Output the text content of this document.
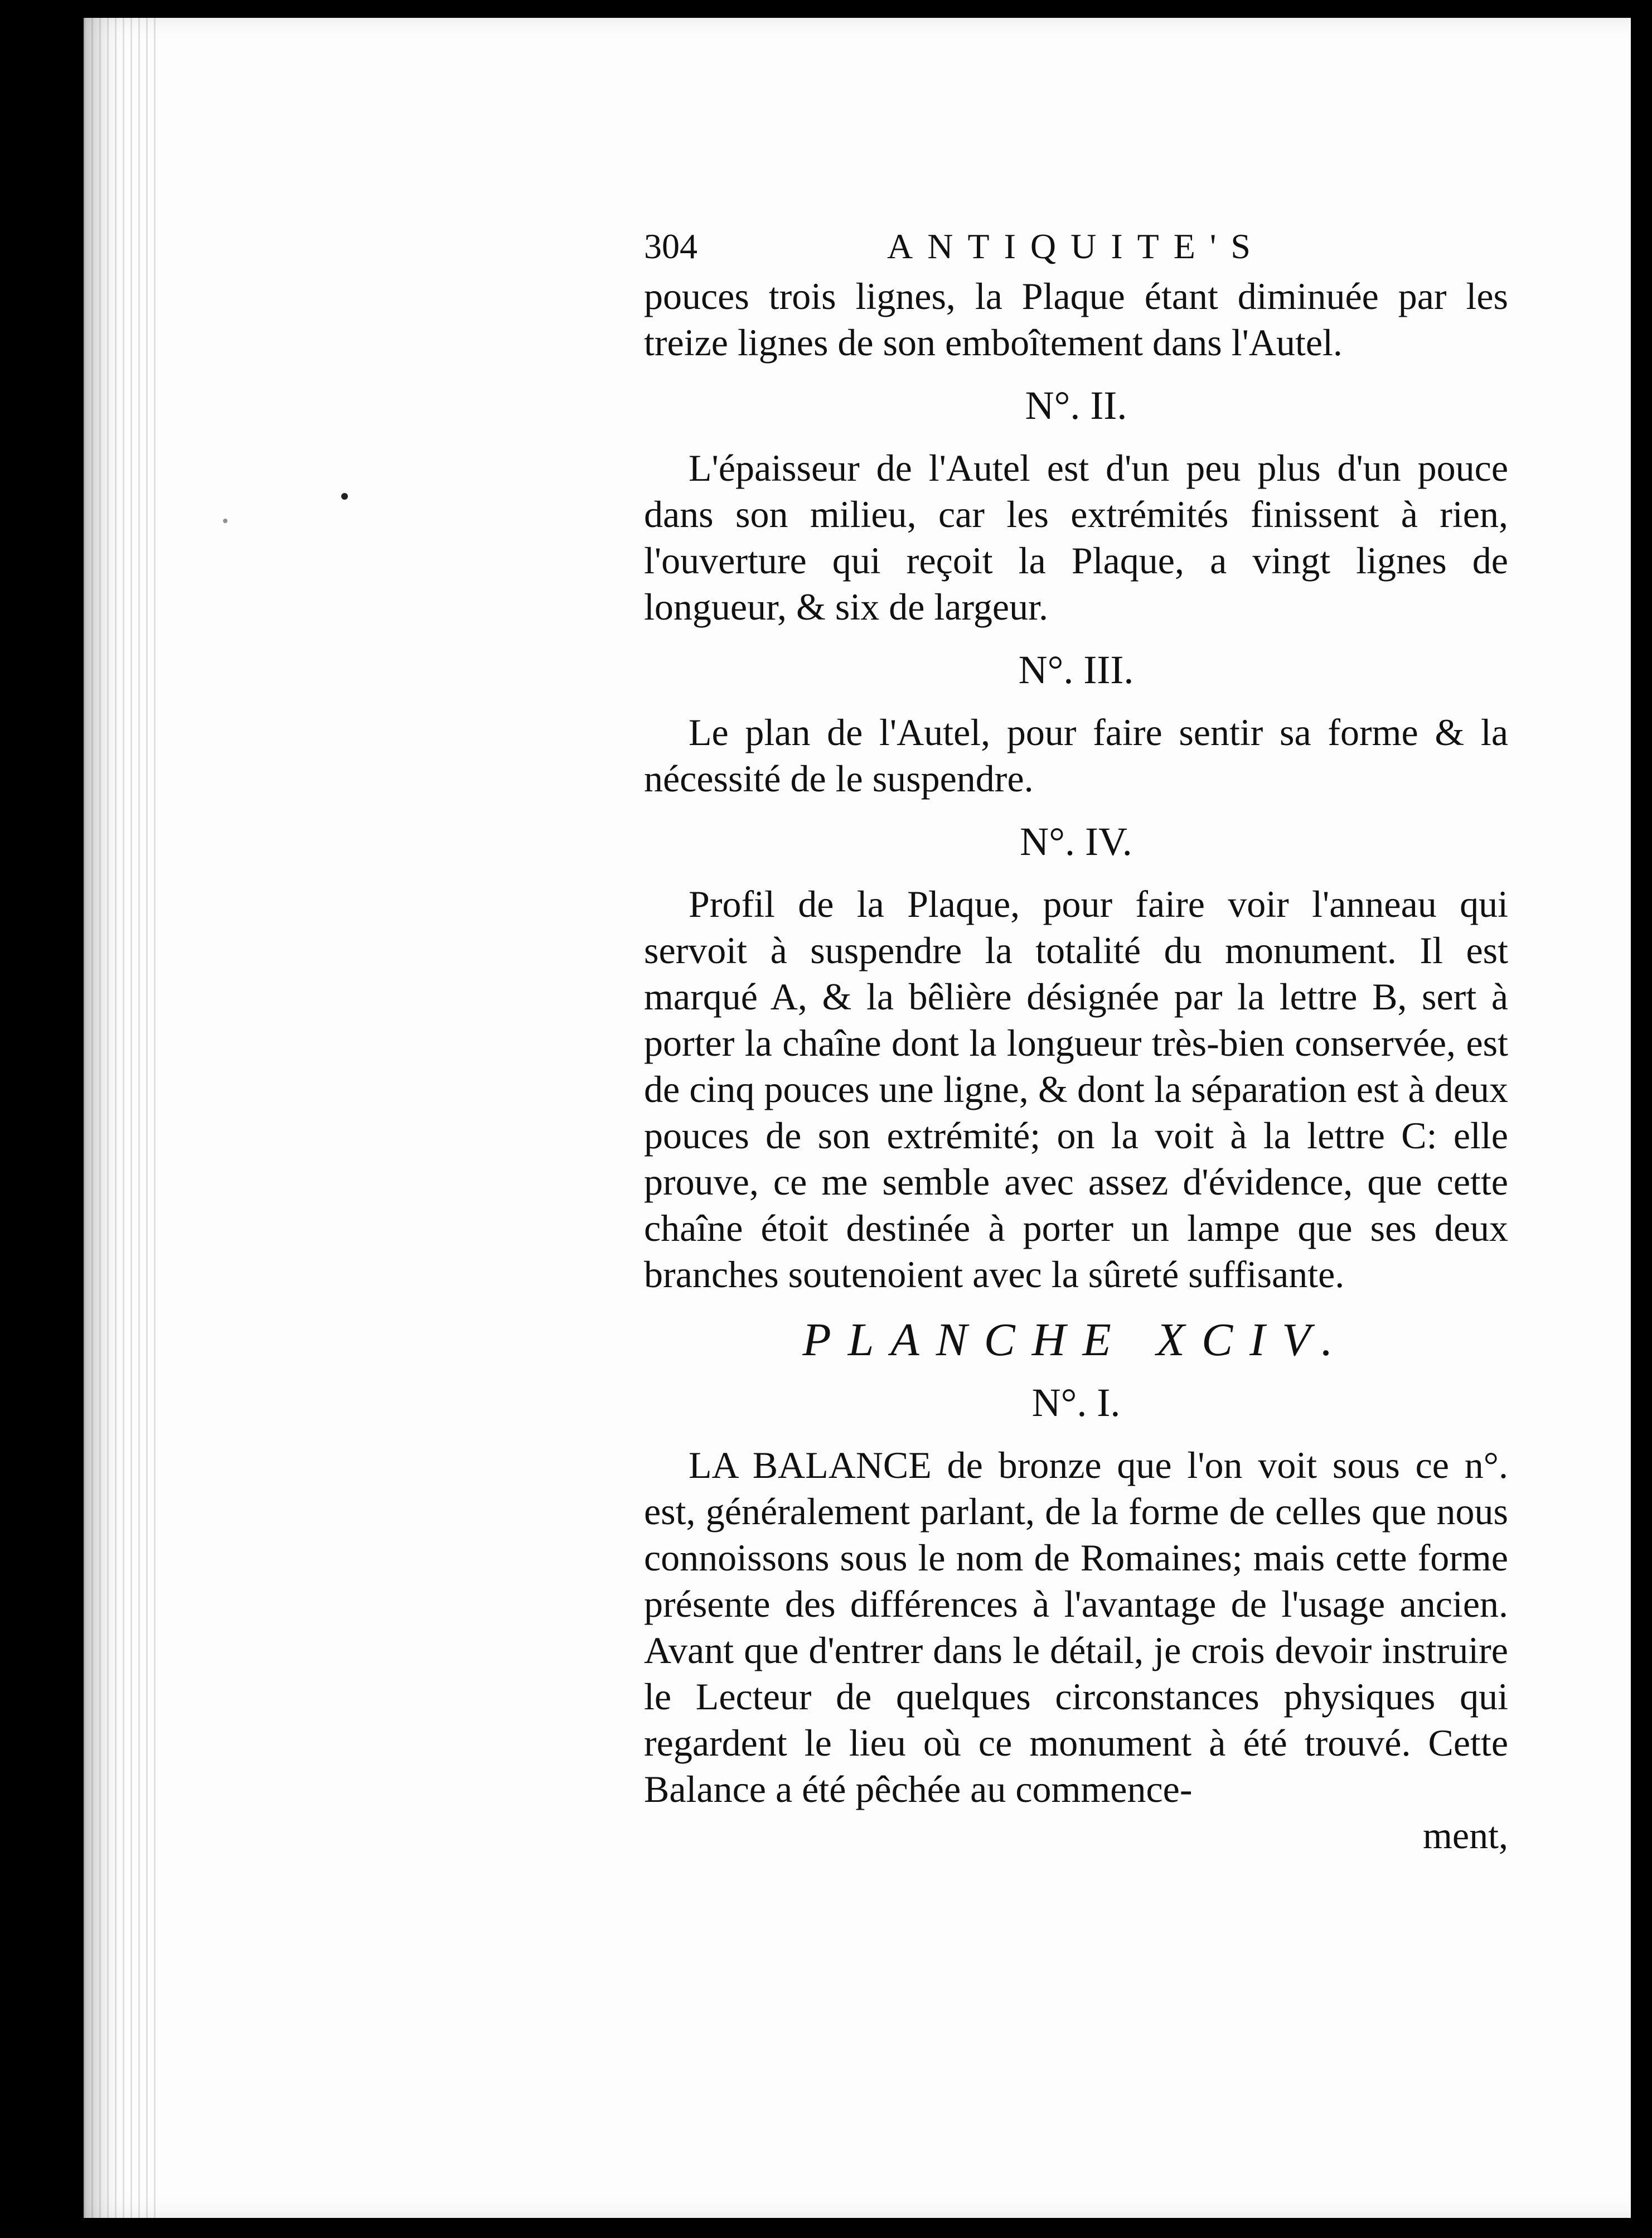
304	ANTIQUITE'S

pouces trois lignes, la Plaque étant diminuée par les treize lignes de son emboîtement dans l'Autel.

N°. II.

L'épaisseur de l'Autel est d'un peu plus d'un pouce dans son milieu, car les extrémités finissent à rien, l'ouverture qui reçoit la Plaque, a vingt lignes de longueur, & six de largeur.

N°. III.

Le plan de l'Autel, pour faire sentir sa forme & la nécessité de le suspendre.

N°. IV.

Profil de la Plaque, pour faire voir l'anneau qui servoit à suspendre la totalité du monument. Il est marqué A, & la bêlière désignée par la lettre B, sert à porter la chaîne dont la longueur très-bien conservée, est de cinq pouces une ligne, & dont la séparation est à deux pouces de son extrémité; on la voit à la lettre C: elle prouve, ce me semble avec assez d'évidence, que cette chaîne étoit destinée à porter un lampe que ses deux branches soutenoient avec la sûreté suffisante.

PLANCHE XCIV.
N°. I.

LA BALANCE de bronze que l'on voit sous ce n°. est, généralement parlant, de la forme de celles que nous connoissons sous le nom de Romaines; mais cette forme présente des différences à l'avantage de l'usage ancien. Avant que d'entrer dans le détail, je crois devoir instruire le Lecteur de quelques circonstances physiques qui regardent le lieu où ce monument à été trouvé. Cette Balance a été pêchée au commence-

ment,
